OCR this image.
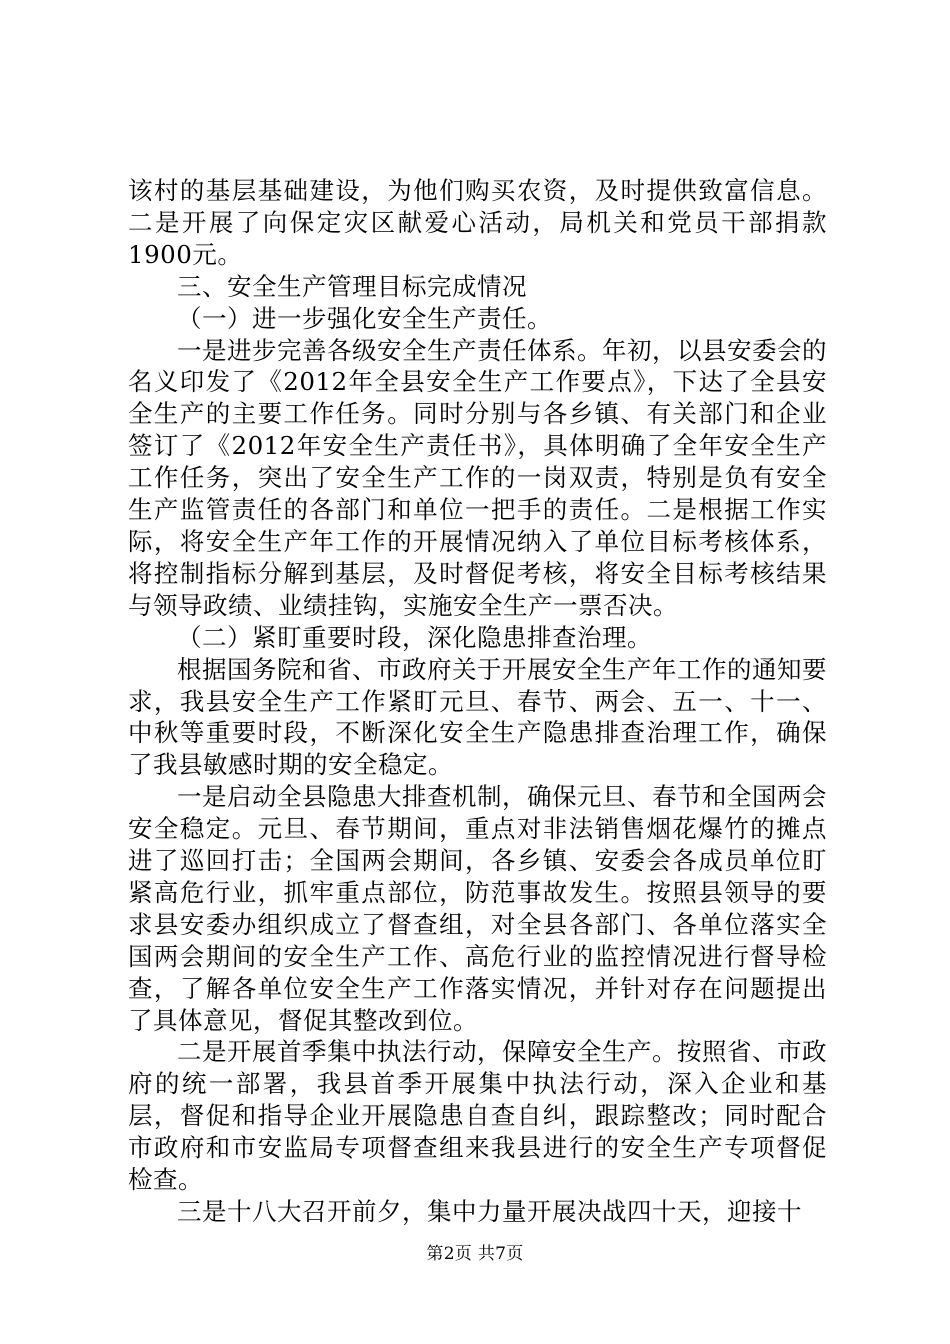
该村的基层基础建设，为他们购买农资，及时提供致富信息。二是开展了向保定灾区献爱心活动，局机关和党员干部捐款1900元。

三、安全生产管理目标完成情况

（一）进一步强化安全生产责任。

一是进步完善各级安全生产责任体系。年初，以县安委会的名义印发了《2012年全县安全生产工作要点》，下达了全县安全生产的主要工作任务。同时分别与各乡镇、有关部门和企业签订了《2012年安全生产责任书》，具体明确了全年安全生产工作任务，突出了安全生产工作的一岗双责，特别是负有安全生产监管责任的各部门和单位一把手的责任。二是根据工作实际，将安全生产年工作的开展情况纳入了单位目标考核体系，将控制指标分解到基层，及时督促考核，将安全目标考核结果与领导政绩、业绩挂钩，实施安全生产一票否决。

（二）紧盯重要时段，深化隐患排查治理。

根据国务院和省、市政府关于开展安全生产年工作的通知要求，我县安全生产工作紧盯元旦、春节、两会、五一、十一、中秋等重要时段，不断深化安全生产隐患排查治理工作，确保了我县敏感时期的安全稳定。

一是启动全县隐患大排查机制，确保元旦、春节和全国两会安全稳定。元旦、春节期间，重点对非法销售烟花爆竹的摊点进了巡回打击；全国两会期间，各乡镇、安委会各成员单位盯紧高危行业，抓牢重点部位，防范事故发生。按照县领导的要求县安委办组织成立了督查组，对全县各部门、各单位落实全国两会期间的安全生产工作、高危行业的监控情况进行督导检查，了解各单位安全生产工作落实情况，并针对存在问题提出了具体意见，督促其整改到位。

二是开展首季集中执法行动，保障安全生产。按照省、市政府的统一部署，我县首季开展集中执法行动，深入企业和基层，督促和指导企业开展隐患自查自纠，跟踪整改；同时配合市政府和市安监局专项督查组来我县进行的安全生产专项督促检查。

三是十八大召开前夕，集中力量开展决战四十天，迎接十

第2页 共7页
